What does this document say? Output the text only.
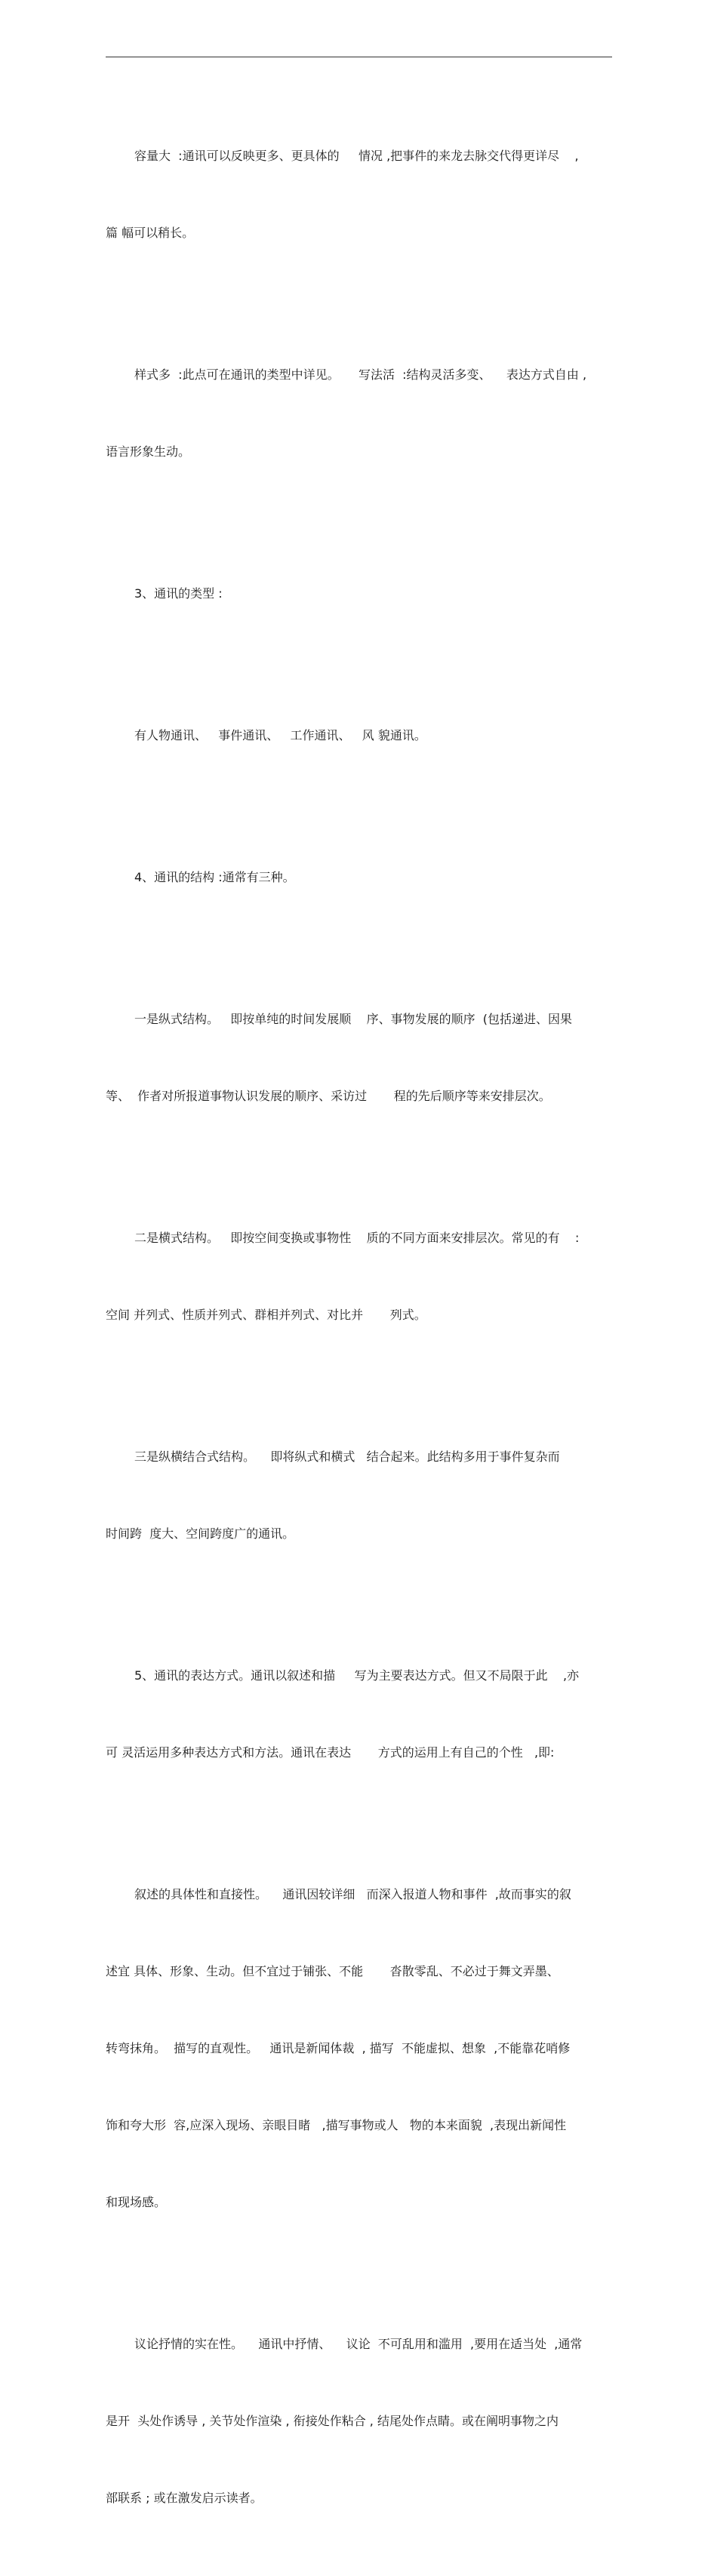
容量大  :通讯可以反映更多、更具体的     情况 ,把事件的来龙去脉交代得更详尽    ,

篇 幅可以稍长。

样式多  :此点可在通讯的类型中详见。     写法活  :结构灵活多变、    表达方式自由 ,

语言形象生动。

3、通讯的类型 :

有人物通讯、   事件通讯、   工作通讯、   风 貌通讯。

4、通讯的结构 :通常有三种。

一是纵式结构。   即按单纯的时间发展顺    序、事物发展的顺序  (包括递进、因果

等、  作者对所报道事物认识发展的顺序、采访过       程的先后顺序等来安排层次。

二是横式结构。   即按空间变换或事物性    质的不同方面来安排层次。常见的有    :

空间 并列式、性质并列式、群相并列式、对比并       列式。

三是纵横结合式结构。    即将纵式和横式   结合起来。此结构多用于事件复杂而

时间跨  度大、空间跨度广的通讯。

5、通讯的表达方式。通讯以叙述和描     写为主要表达方式。但又不局限于此    ,亦

可 灵活运用多种表达方式和方法。通讯在表达       方式的运用上有自己的个性   ,即:

叙述的具体性和直接性。    通讯因较详细   而深入报道人物和事件  ,故而事实的叙

述宜 具体、形象、生动。但不宜过于铺张、不能       沓散零乱、不必过于舞文弄墨、

转弯抹角。  描写的直观性。   通讯是新闻体裁  , 描写  不能虚拟、想象  ,不能靠花哨修

饰和夸大形  容,应深入现场、亲眼目睹   ,描写事物或人   物的本来面貌  ,表现出新闻性

和现场感。

议论抒情的实在性。    通讯中抒情、    议论  不可乱用和滥用  ,要用在适当处  ,通常

是开  头处作诱导 , 关节处作渲染 , 衔接处作粘合 , 结尾处作点睛。或在阐明事物之内

部联系 ; 或在激发启示读者。
